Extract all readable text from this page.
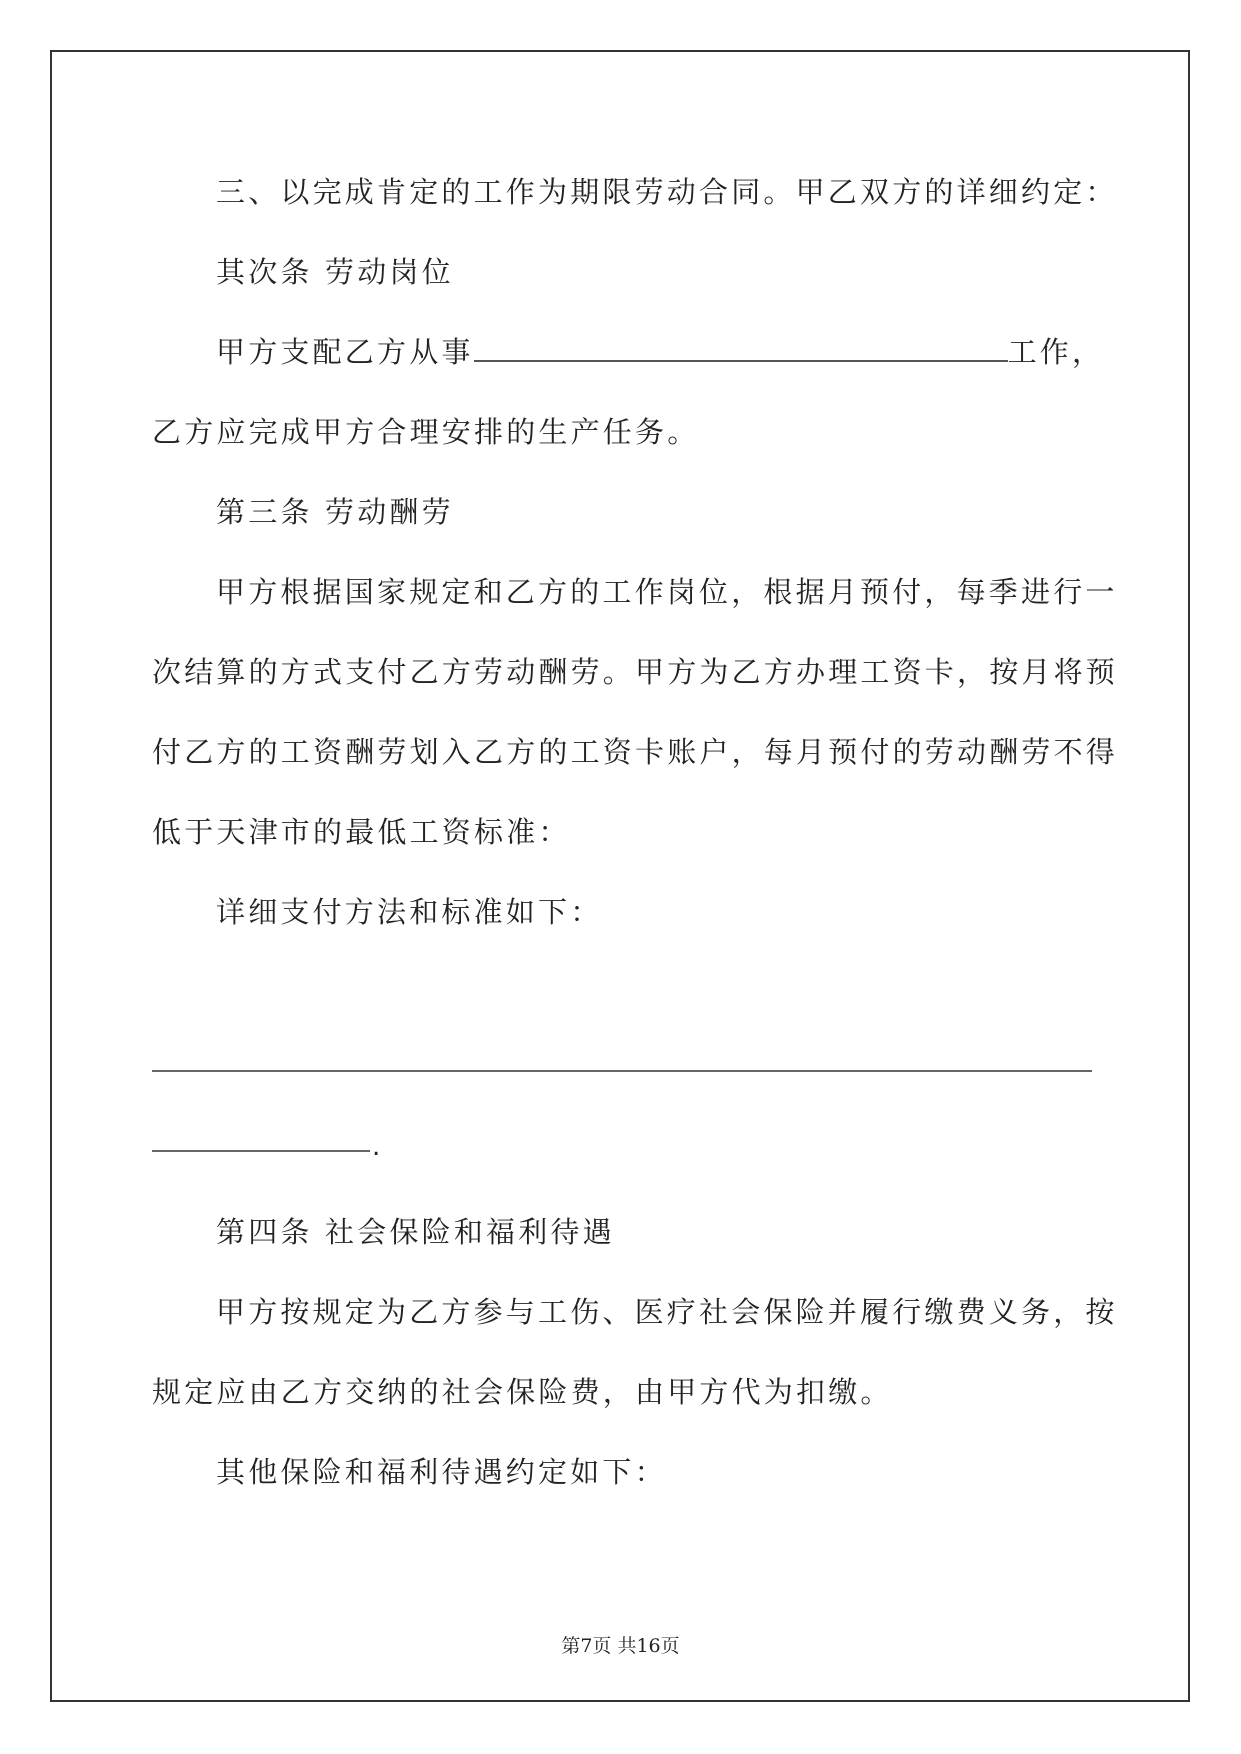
三、以完成肯定的工作为期限劳动合同。甲乙双方的详细约定：
其次条 劳动岗位
甲方支配乙方从事	工作，
乙方应完成甲方合理安排的生产任务。
第三条 劳动酬劳
甲方根据国家规定和乙方的工作岗位，根据月预付，每季进行一
次结算的方式支付乙方劳动酬劳。甲方为乙方办理工资卡，按月将预
付乙方的工资酬劳划入乙方的工资卡账户，每月预付的劳动酬劳不得
低于天津市的最低工资标准：
详细支付方法和标准如下：
.
第四条 社会保险和福利待遇
甲方按规定为乙方参与工伤、医疗社会保险并履行缴费义务，按
规定应由乙方交纳的社会保险费，由甲方代为扣缴。
其他保险和福利待遇约定如下：
第7页 共16页
